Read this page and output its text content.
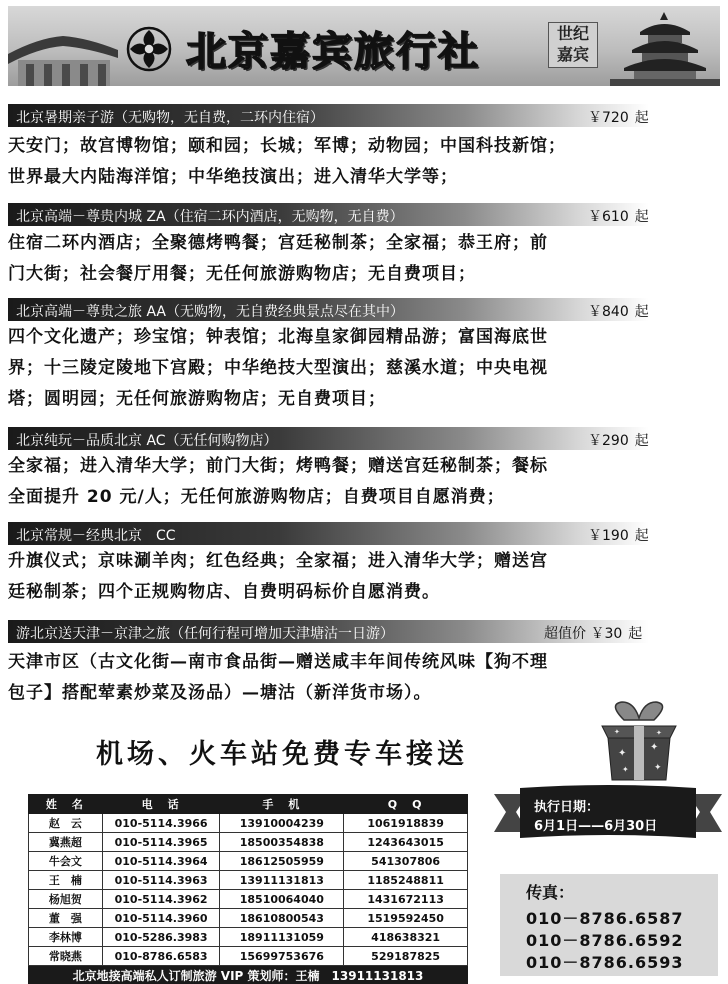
北京嘉宾旅行社	世纪
嘉宾
北京暑期亲子游（无购物，无自费，二环内住宿）	￥720 起
天安门；故宫博物馆；颐和园；长城；军博；动物园；中国科技新馆；
世界最大内陆海洋馆；中华绝技演出；进入清华大学等；
北京高端－尊贵内城 ZA（住宿二环内酒店，无购物，无自费）	￥610 起
住宿二环内酒店；全聚德烤鸭餐；宫廷秘制茶；全家福；恭王府；前
门大街；社会餐厅用餐；无任何旅游购物店；无自费项目；
北京高端－尊贵之旅 AA（无购物，无自费经典景点尽在其中）	￥840 起
四个文化遗产；珍宝馆；钟表馆；北海皇家御园精品游；富国海底世
界；十三陵定陵地下宫殿；中华绝技大型演出；慈溪水道；中央电视
塔；圆明园；无任何旅游购物店；无自费项目；
北京纯玩－品质北京 AC（无任何购物店）	￥290 起
全家福；进入清华大学；前门大街；烤鸭餐；赠送宫廷秘制茶；餐标
全面提升 20 元/人；无任何旅游购物店；自费项目自愿消费；
北京常规－经典北京　CC	￥190 起
升旗仪式；京味涮羊肉；红色经典；全家福；进入清华大学；赠送宫
廷秘制茶；四个正规购物店、自费明码标价自愿消费。
游北京送天津－京津之旅（任何行程可增加天津塘沽一日游）	超值价 ￥30 起
天津市区（古文化街—南市食品街—赠送咸丰年间传统风味【狗不理
包子】搭配荤素炒菜及汤品）—塘沽（新洋货市场）。
机场、火车站免费专车接送	✦
✦
✦	✦
✦	✦
姓　名	电　话	手　机	Q　Q
赵　云	010-5114.3966	13910004239	1061918839
冀燕超	010-5114.3965	18500354838	1243643015
牛会文	010-5114.3964	18612505959	541307806
王　楠	010-5114.3963	13911131813	1185248811
杨旭贺	010-5114.3962	18510064040	1431672113
董　强	010-5114.3960	18610800543	1519592450
李林博	010-5286.3983	18911131059	418638321
常晓燕	010-8786.6583	15699753676	529187825
北京地接高端私人订制旅游 VIP 策划师：王楠　13911131813			
执行日期：
6月1日——6月30日
传真：
010－8786.6587
010－8786.6592
010－8786.6593
